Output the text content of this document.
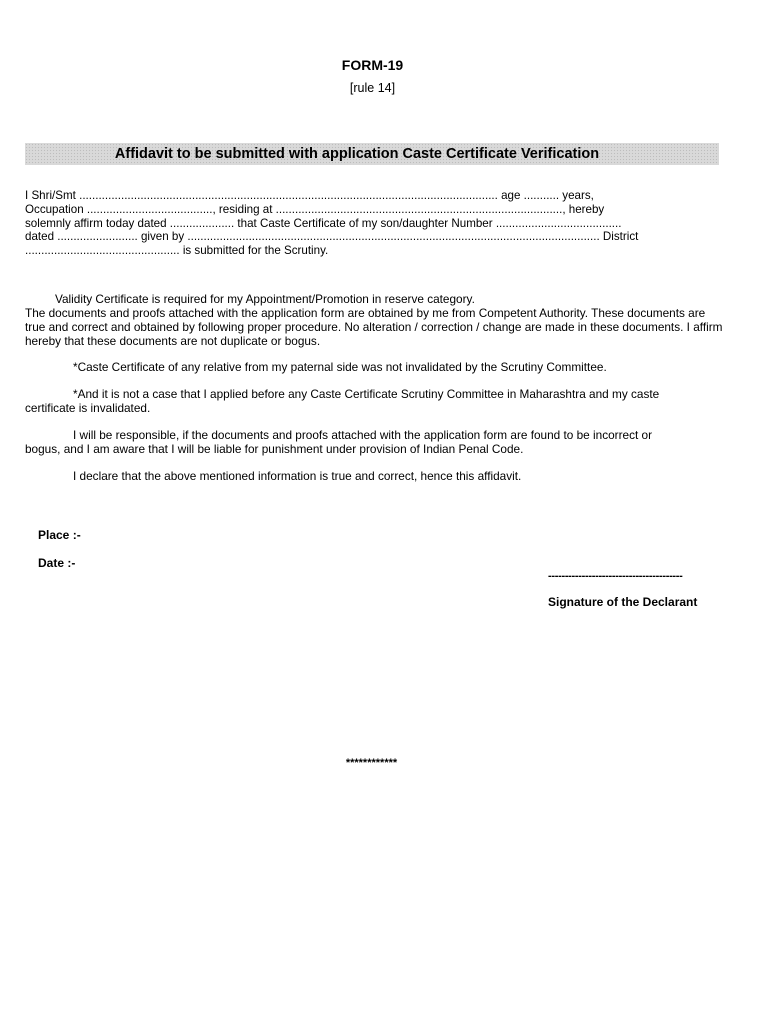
FORM-19
[rule 14]
Affidavit to be submitted with application Caste Certificate Verification
I Shri/Smt .................................................................................................................................. age ........... years,
Occupation ......................................., residing at ........................................................................................., hereby
solemnly affirm today dated .................... that Caste Certificate of my son/daughter Number .......................................
dated ......................... given by ................................................................................................................................ District
................................................ is submitted for the Scrutiny.
Validity Certificate is required for my Appointment/Promotion in reserve category.
The documents and proofs attached with the application form are obtained by me from Competent Authority. These documents are true and correct and obtained by following proper procedure. No alteration / correction / change are made in these documents. I affirm hereby that these documents are not duplicate or bogus.
*Caste Certificate of any relative from my paternal side was not invalidated by the Scrutiny Committee.
*And it is not a case that I applied before any Caste Certificate Scrutiny Committee in Maharashtra and my caste
certificate is invalidated.
I will be responsible, if the documents and proofs attached with the application form are found to be incorrect or
bogus, and I am aware that I will be liable for punishment under provision of Indian Penal Code.
I declare that the above mentioned information is true and correct, hence this affidavit.
Place :-
Date :-
----------------------------------------
Signature of the Declarant
************
